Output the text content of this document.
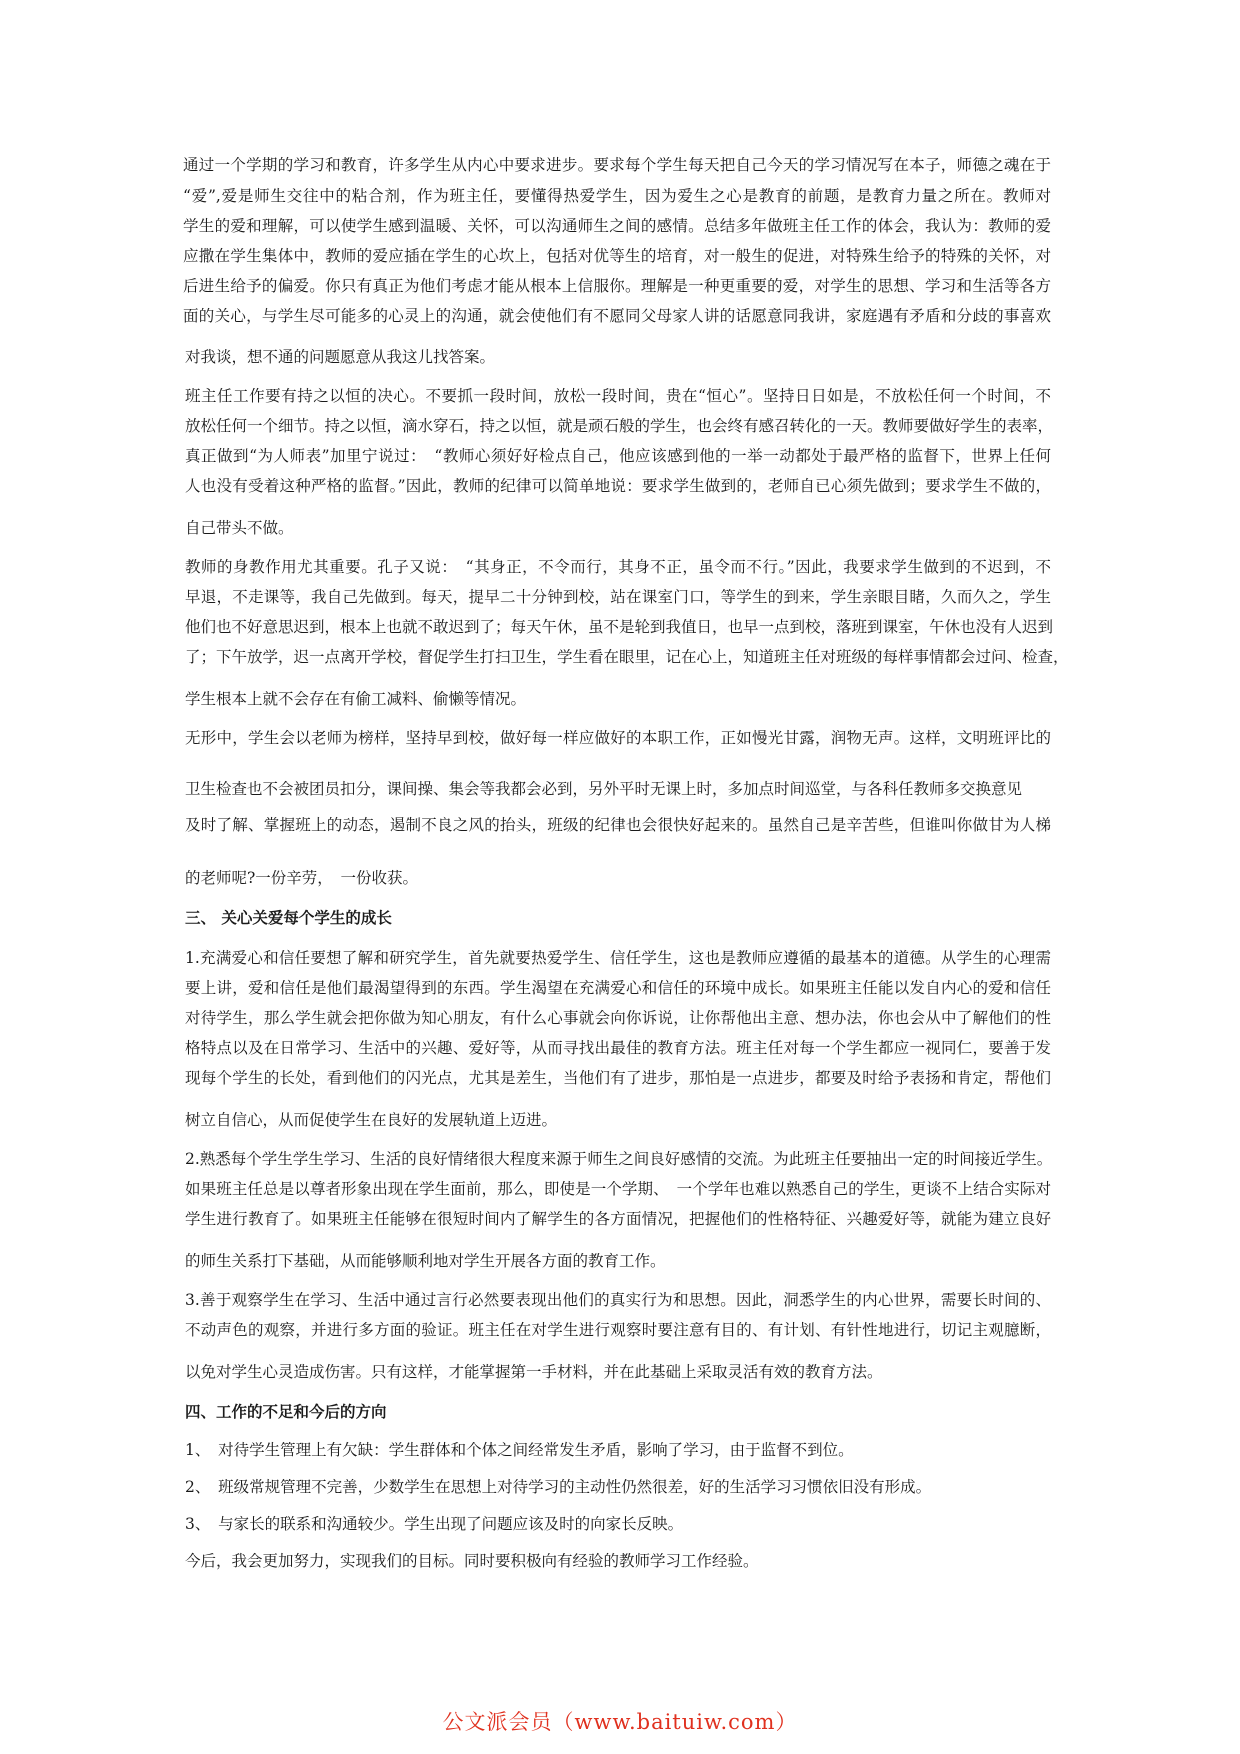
通过一个学期的学习和教育，许多学生从内心中要求进步。要求每个学生每天把自己今天的学习情况写在本子，师德之魂在于
“爱”,爱是师生交往中的粘合剂，作为班主任，要懂得热爱学生，因为爱生之心是教育的前题，是教育力量之所在。教师对
学生的爱和理解，可以使学生感到温暖、关怀，可以沟通师生之间的感情。总结多年做班主任工作的体会，我认为：教师的爱
应撒在学生集体中，教师的爱应插在学生的心坎上，包括对优等生的培育，对一般生的促进，对特殊生给予的特殊的关怀，对
后进生给予的偏爱。你只有真正为他们考虑才能从根本上信服你。理解是一种更重要的爱，对学生的思想、学习和生活等各方
面的关心，与学生尽可能多的心灵上的沟通，就会使他们有不愿同父母家人讲的话愿意同我讲，家庭遇有矛盾和分歧的事喜欢
对我谈，想不通的问题愿意从我这儿找答案。
班主任工作要有持之以恒的决心。不要抓一段时间，放松一段时间，贵在“恒心”。坚持日日如是，不放松任何一个时间，不
放松任何一个细节。持之以恒，滴水穿石，持之以恒，就是顽石般的学生，也会终有感召转化的一天。教师要做好学生的表率，
真正做到“为人师表”加里宁说过：　“教师心须好好检点自己，他应该感到他的一举一动都处于最严格的监督下，世界上任何
人也没有受着这种严格的监督。”因此，教师的纪律可以简单地说：要求学生做到的，老师自已心须先做到；要求学生不做的，
自己带头不做。
教师的身教作用尤其重要。孔子又说：　“其身正，不令而行，其身不正，虽令而不行。”因此，我要求学生做到的不迟到，不
早退，不走课等，我自己先做到。每天，提早二十分钟到校，站在课室门口，等学生的到来，学生亲眼目睹，久而久之，学生
他们也不好意思迟到，根本上也就不敢迟到了；每天午休，虽不是轮到我值日，也早一点到校，落班到课室，午休也没有人迟到
了；下午放学，迟一点离开学校，督促学生打扫卫生，学生看在眼里，记在心上，知道班主任对班级的每样事情都会过问、检查，
学生根本上就不会存在有偷工减料、偷懒等情况。
无形中，学生会以老师为榜样，坚持早到校，做好每一样应做好的本职工作，正如慢光甘露，润物无声。这样，文明班评比的
卫生检查也不会被团员扣分，课间操、集会等我都会必到，另外平时无课上时，多加点时间巡堂，与各科任教师多交换意见
及时了解、掌握班上的动态，遏制不良之风的抬头，班级的纪律也会很快好起来的。虽然自己是辛苦些，但谁叫你做甘为人梯
的老师呢?一份辛劳，　一份收获。
三、 关心关爱每个学生的成长
1.充满爱心和信任要想了解和研究学生，首先就要热爱学生、信任学生，这也是教师应遵循的最基本的道德。从学生的心理需
要上讲，爱和信任是他们最渴望得到的东西。学生渴望在充满爱心和信任的环境中成长。如果班主任能以发自内心的爱和信任
对待学生，那么学生就会把你做为知心朋友，有什么心事就会向你诉说，让你帮他出主意、想办法，你也会从中了解他们的性
格特点以及在日常学习、生活中的兴趣、爱好等，从而寻找出最佳的教育方法。班主任对每一个学生都应一视同仁，要善于发
现每个学生的长处，看到他们的闪光点，尤其是差生，当他们有了进步，那怕是一点进步，都要及时给予表扬和肯定，帮他们
树立自信心，从而促使学生在良好的发展轨道上迈进。
2.熟悉每个学生学生学习、生活的良好情绪很大程度来源于师生之间良好感情的交流。为此班主任要抽出一定的时间接近学生。
如果班主任总是以尊者形象出现在学生面前，那么，即使是一个学期、　一个学年也难以熟悉自己的学生，更谈不上结合实际对
学生进行教育了。如果班主任能够在很短时间内了解学生的各方面情况，把握他们的性格特征、兴趣爱好等，就能为建立良好
的师生关系打下基础，从而能够顺利地对学生开展各方面的教育工作。
3.善于观察学生在学习、生活中通过言行必然要表现出他们的真实行为和思想。因此，洞悉学生的内心世界，需要长时间的、
不动声色的观察，并进行多方面的验证。班主任在对学生进行观察时要注意有目的、有计划、有针性地进行，切记主观臆断，
以免对学生心灵造成伤害。只有这样，才能掌握第一手材料，并在此基础上采取灵活有效的教育方法。
四、工作的不足和今后的方向
1、　对待学生管理上有欠缺：学生群体和个体之间经常发生矛盾，影响了学习，由于监督不到位。
2、　班级常规管理不完善，少数学生在思想上对待学习的主动性仍然很差，好的生活学习习惯依旧没有形成。
3、　与家长的联系和沟通较少。学生出现了问题应该及时的向家长反映。
今后，我会更加努力，实现我们的目标。同时要积极向有经验的教师学习工作经验。
公文派会员（www.baituiw.com）
